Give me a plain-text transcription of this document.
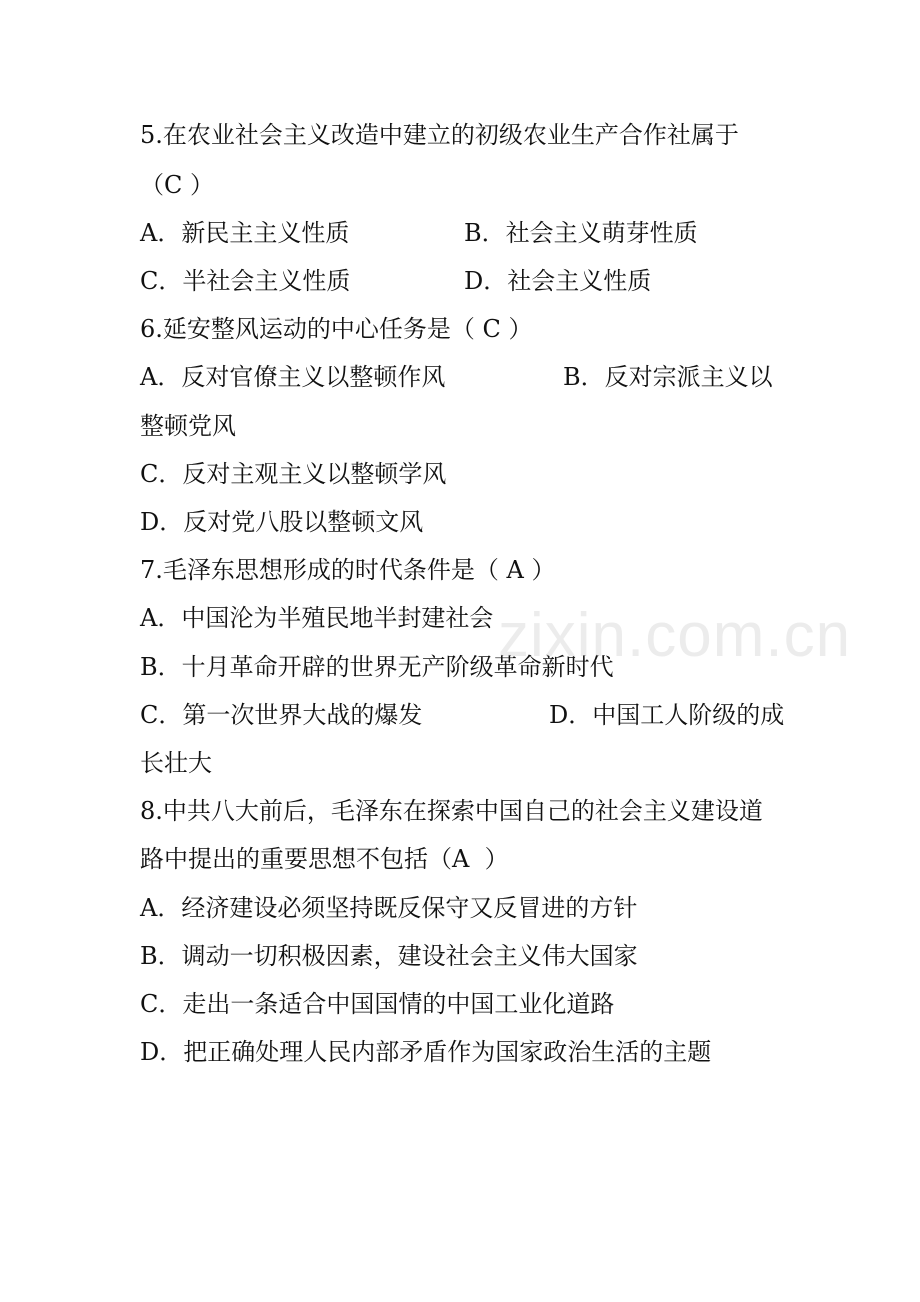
5.在农业社会主义改造中建立的初级农业生产合作社属于
（C ）
A．新民主主义性质	B．社会主义萌芽性质
C．半社会主义性质	D．社会主义性质
6.延安整风运动的中心任务是（ C ）
A．反对官僚主义以整顿作风	B．反对宗派主义以
整顿党风
C．反对主观主义以整顿学风
D．反对党八股以整顿文风
7.毛泽东思想形成的时代条件是（ A ）
A．中国沦为半殖民地半封建社会
B．十月革命开辟的世界无产阶级革命新时代
C．第一次世界大战的爆发	D．中国工人阶级的成
长壮大
8.中共八大前后，毛泽东在探索中国自己的社会主义建设道
路中提出的重要思想不包括（A  ）
A．经济建设必须坚持既反保守又反冒进的方针
B．调动一切积极因素，建设社会主义伟大国家
C．走出一条适合中国国情的中国工业化道路
D．把正确处理人民内部矛盾作为国家政治生活的主题
zixin.com.cn
